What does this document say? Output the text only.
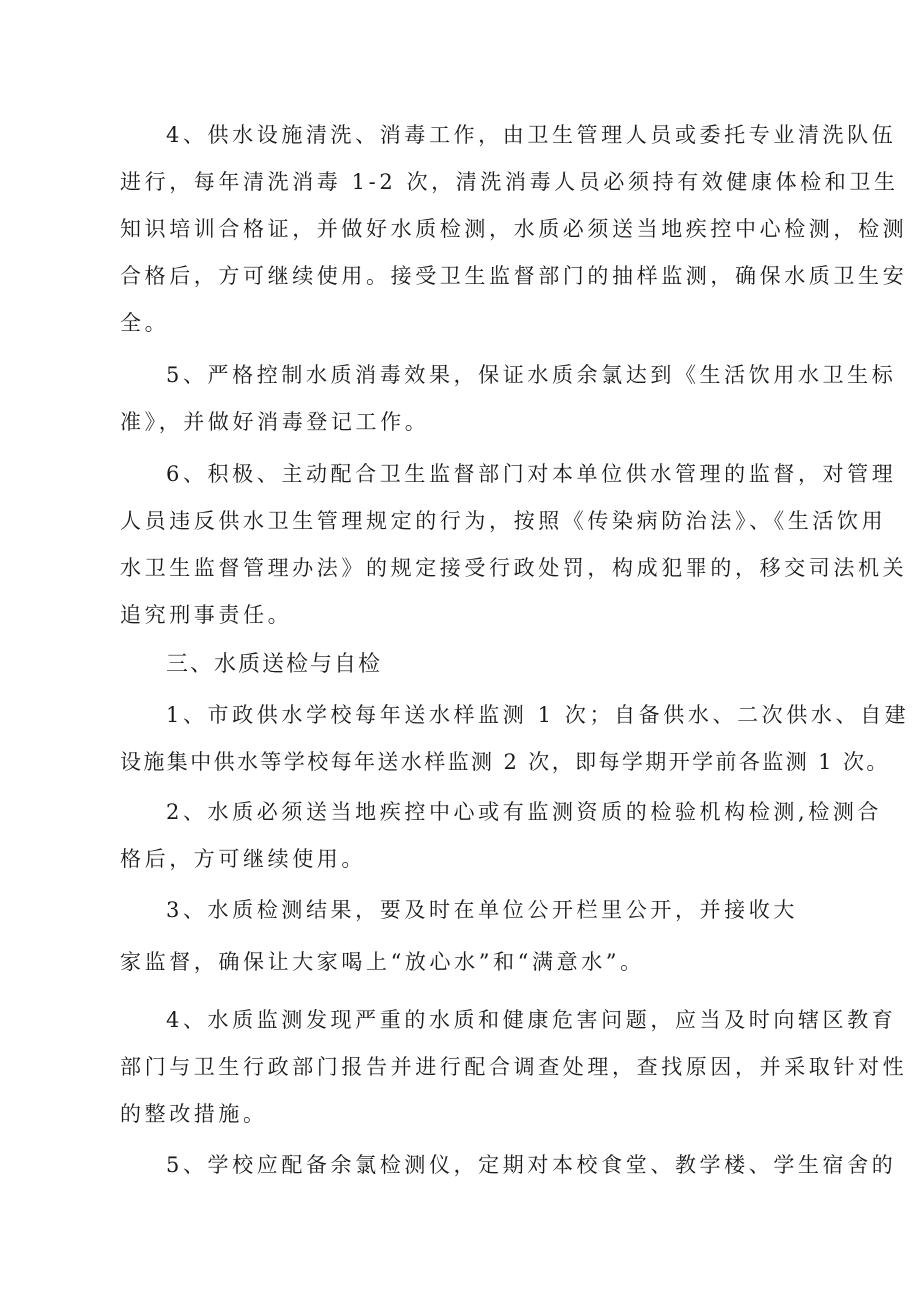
4、供水设施清洗、消毒工作，由卫生管理人员或委托专业清洗队伍
进行，每年清洗消毒 1-2 次，清洗消毒人员必须持有效健康体检和卫生
知识培训合格证，并做好水质检测，水质必须送当地疾控中心检测，检测
合格后，方可继续使用。接受卫生监督部门的抽样监测，确保水质卫生安
全。
5、严格控制水质消毒效果，保证水质余氯达到《生活饮用水卫生标
准》，并做好消毒登记工作。
6、积极、主动配合卫生监督部门对本单位供水管理的监督，对管理
人员违反供水卫生管理规定的行为，按照《传染病防治法》、《生活饮用
水卫生监督管理办法》的规定接受行政处罚，构成犯罪的，移交司法机关
追究刑事责任。
三、水质送检与自检
1、市政供水学校每年送水样监测 1 次；自备供水、二次供水、自建
设施集中供水等学校每年送水样监测 2 次，即每学期开学前各监测 1 次。
2、水质必须送当地疾控中心或有监测资质的检验机构检测,检测合
格后，方可继续使用。
3、水质检测结果，要及时在单位公开栏里公开，并接收大
家监督，确保让大家喝上“放心水”和“满意水”。
4、水质监测发现严重的水质和健康危害问题，应当及时向辖区教育
部门与卫生行政部门报告并进行配合调查处理，查找原因，并采取针对性
的整改措施。
5、学校应配备余氯检测仪，定期对本校食堂、教学楼、学生宿舍的
